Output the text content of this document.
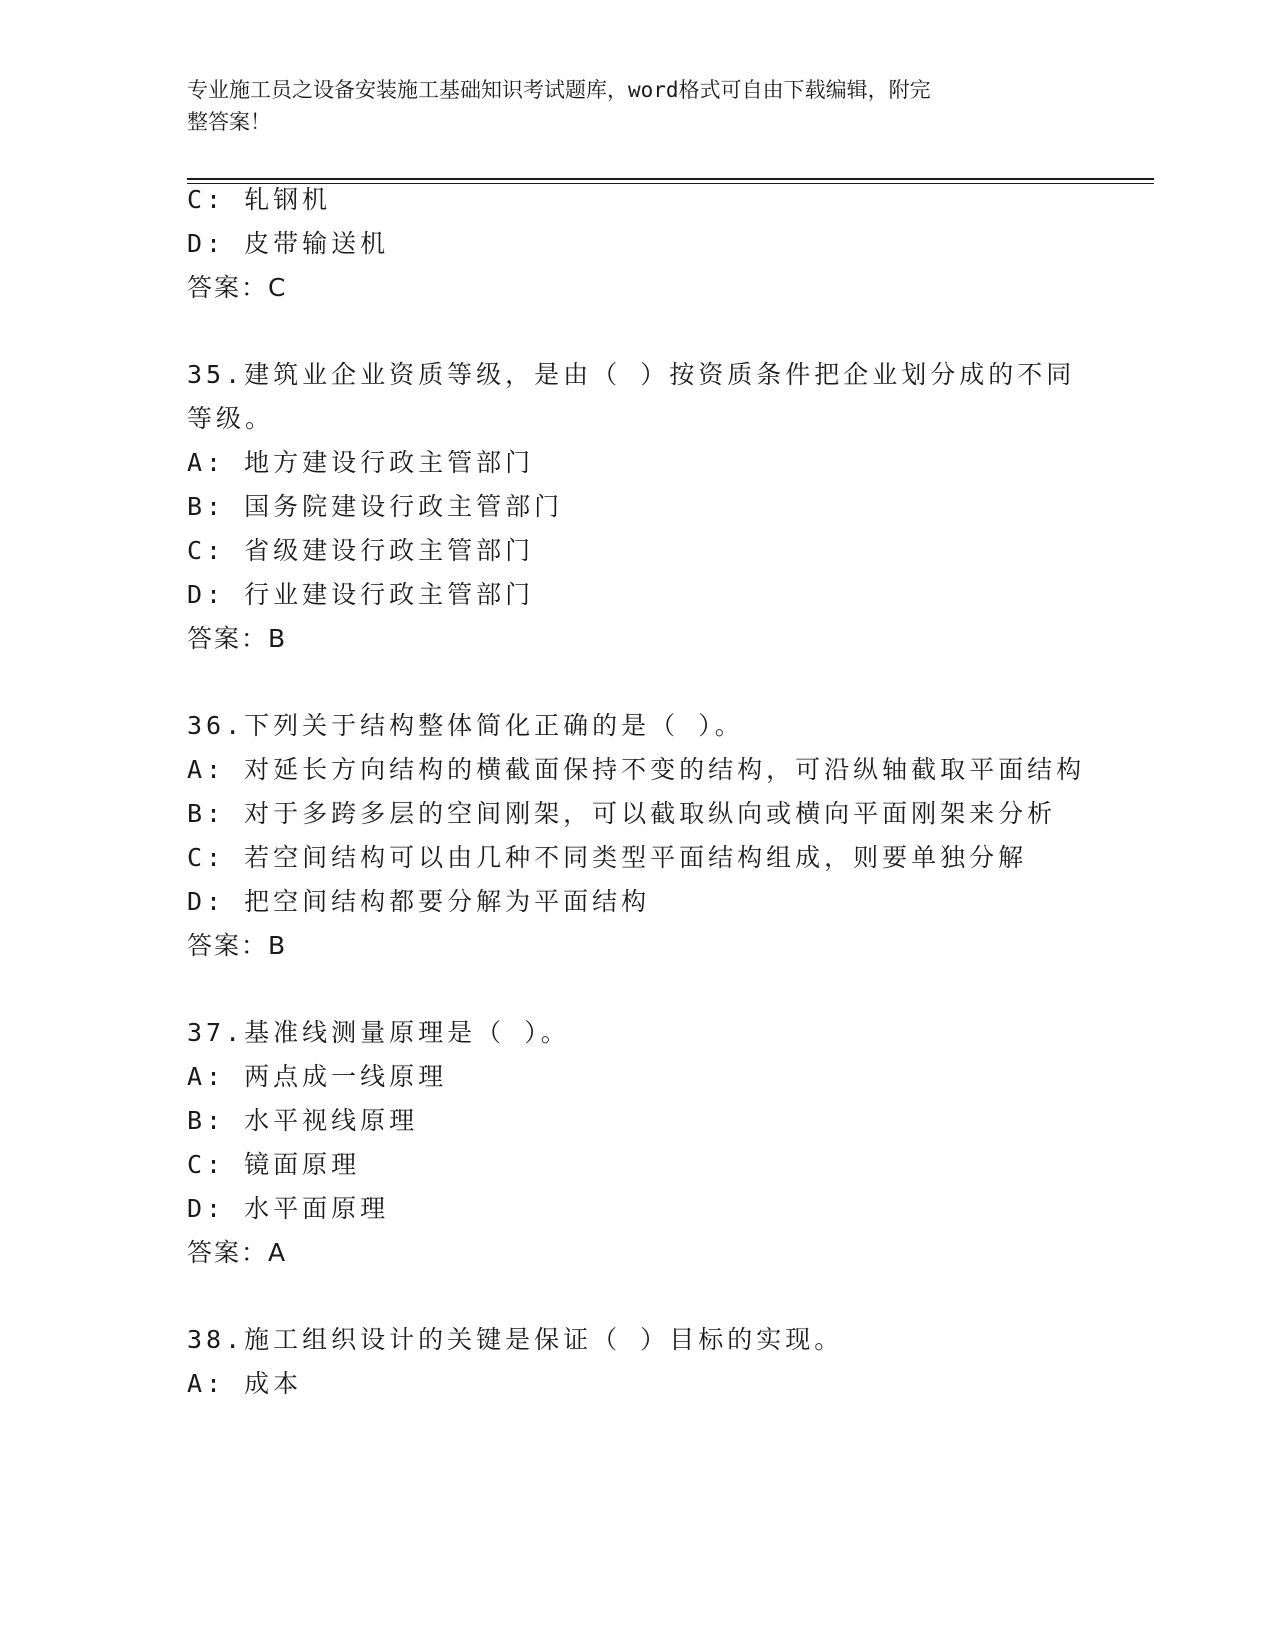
专业施工员之设备安装施工基础知识考试题库，word格式可自由下载编辑，附完
整答案！
C: 轧钢机
D: 皮带输送机
答案：C
35.建筑业企业资质等级，是由（ ）按资质条件把企业划分成的不同
等级。
A: 地方建设行政主管部门
B: 国务院建设行政主管部门
C: 省级建设行政主管部门
D: 行业建设行政主管部门
答案：B
36.下列关于结构整体简化正确的是（ ）。
A: 对延长方向结构的横截面保持不变的结构，可沿纵轴截取平面结构
B: 对于多跨多层的空间刚架，可以截取纵向或横向平面刚架来分析
C: 若空间结构可以由几种不同类型平面结构组成，则要单独分解
D: 把空间结构都要分解为平面结构
答案：B
37.基准线测量原理是（ ）。
A: 两点成一线原理
B: 水平视线原理
C: 镜面原理
D: 水平面原理
答案：A
38.施工组织设计的关键是保证（ ）目标的实现。
A: 成本
